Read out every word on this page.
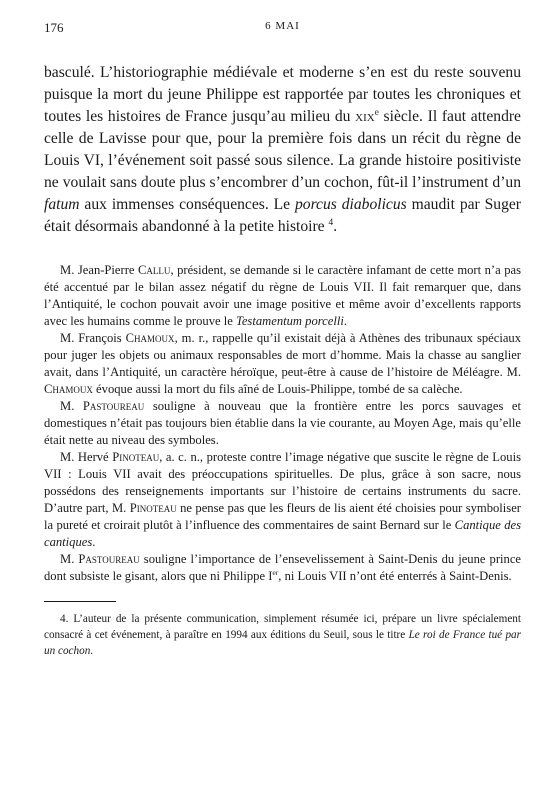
176	6 MAI

basculé. L’historiographie médiévale et moderne s’en est du reste souvenu puisque la mort du jeune Philippe est rapportée par toutes les chroniques et toutes les histoires de France jusqu’au milieu du xix$^e$ siècle. Il faut attendre celle de Lavisse pour que, pour la première fois dans un récit du règne de Louis VI, l’événement soit passé sous silence. La grande histoire positiviste ne voulait sans doute plus s’encombrer d’un cochon, fût-il l’instrument d’un fatum aux immenses conséquences. Le porcus diabolicus maudit par Suger était désormais abandonné à la petite histoire $^4$.

M. Jean-Pierre Callu, président, se demande si le caractère infamant de cette mort n’a pas été accentué par le bilan assez négatif du règne de Louis VII. Il fait remarquer que, dans l’Antiquité, le cochon pouvait avoir une image positive et même avoir d’excellents rapports avec les humains comme le prouve le Testamentum porcelli.

M. François Chamoux, m. r., rappelle qu’il existait déjà à Athènes des tribunaux spéciaux pour juger les objets ou animaux responsables de mort d’homme. Mais la chasse au sanglier avait, dans l’Antiquité, un caractère héroïque, peut-être à cause de l’histoire de Méléagre. M. Chamoux évoque aussi la mort du fils aîné de Louis-Philippe, tombé de sa calèche.

M. Pastoureau souligne à nouveau que la frontière entre les porcs sauvages et domestiques n’était pas toujours bien établie dans la vie courante, au Moyen Age, mais qu’elle était nette au niveau des symboles.

M. Hervé Pinoteau, a. c. n., proteste contre l’image négative que suscite le règne de Louis VII : Louis VII avait des préoccupations spirituelles. De plus, grâce à son sacre, nous possédons des renseignements importants sur l’histoire de certains instruments du sacre. D’autre part, M. Pinoteau ne pense pas que les fleurs de lis aient été choisies pour symboliser la pureté et croirait plutôt à l’influence des commentaires de saint Bernard sur le Cantique des cantiques.

M. Pastoureau souligne l’importance de l’ensevelissement à Saint-Denis du jeune prince dont subsiste le gisant, alors que ni Philippe Ier, ni Louis VII n’ont été enterrés à Saint-Denis.

4. L’auteur de la présente communication, simplement résumée ici, prépare un livre spécialement consacré à cet événement, à paraître en 1994 aux éditions du Seuil, sous le titre Le roi de France tué par un cochon.
